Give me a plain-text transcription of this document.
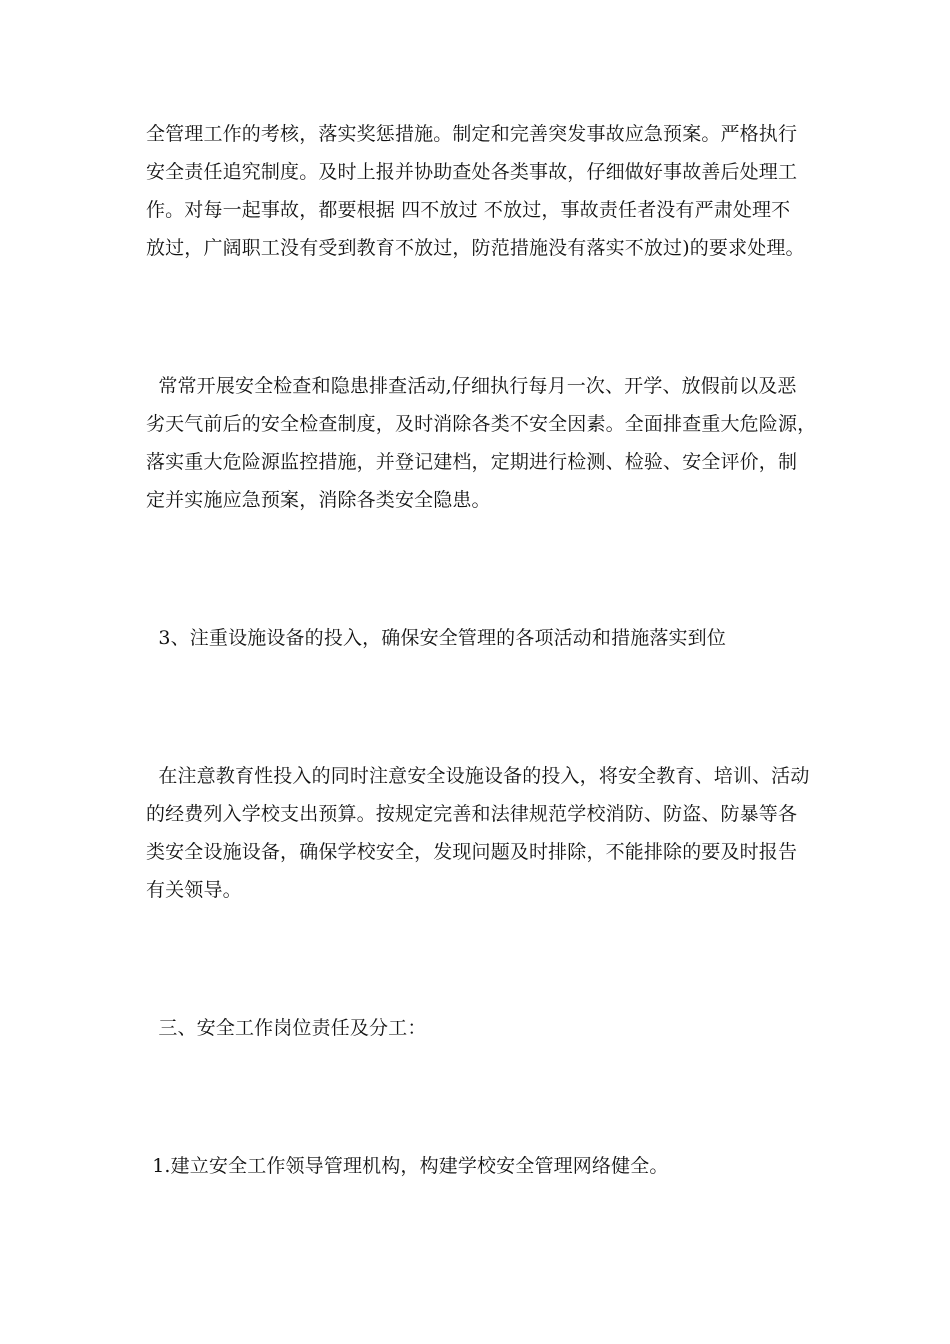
全管理工作的考核，落实奖惩措施。制定和完善突发事故应急预案。严格执行
安全责任追究制度。及时上报并协助查处各类事故，仔细做好事故善后处理工
作。对每一起事故，都要根据 四不放过 不放过，事故责任者没有严肃处理不
放过，广阔职工没有受到教育不放过，防范措施没有落实不放过)的要求处理。
常常开展安全检查和隐患排查活动,仔细执行每月一次、开学、放假前以及恶
劣天气前后的安全检查制度，及时消除各类不安全因素。全面排查重大危险源，
落实重大危险源监控措施，并登记建档，定期进行检测、检验、安全评价，制
定并实施应急预案，消除各类安全隐患。
3、注重设施设备的投入，确保安全管理的各项活动和措施落实到位
在注意教育性投入的同时注意安全设施设备的投入，将安全教育、培训、活动
的经费列入学校支出预算。按规定完善和法律规范学校消防、防盗、防暴等各
类安全设施设备，确保学校安全，发现问题及时排除，不能排除的要及时报告
有关领导。
三、安全工作岗位责任及分工：
1.建立安全工作领导管理机构，构建学校安全管理网络健全。
